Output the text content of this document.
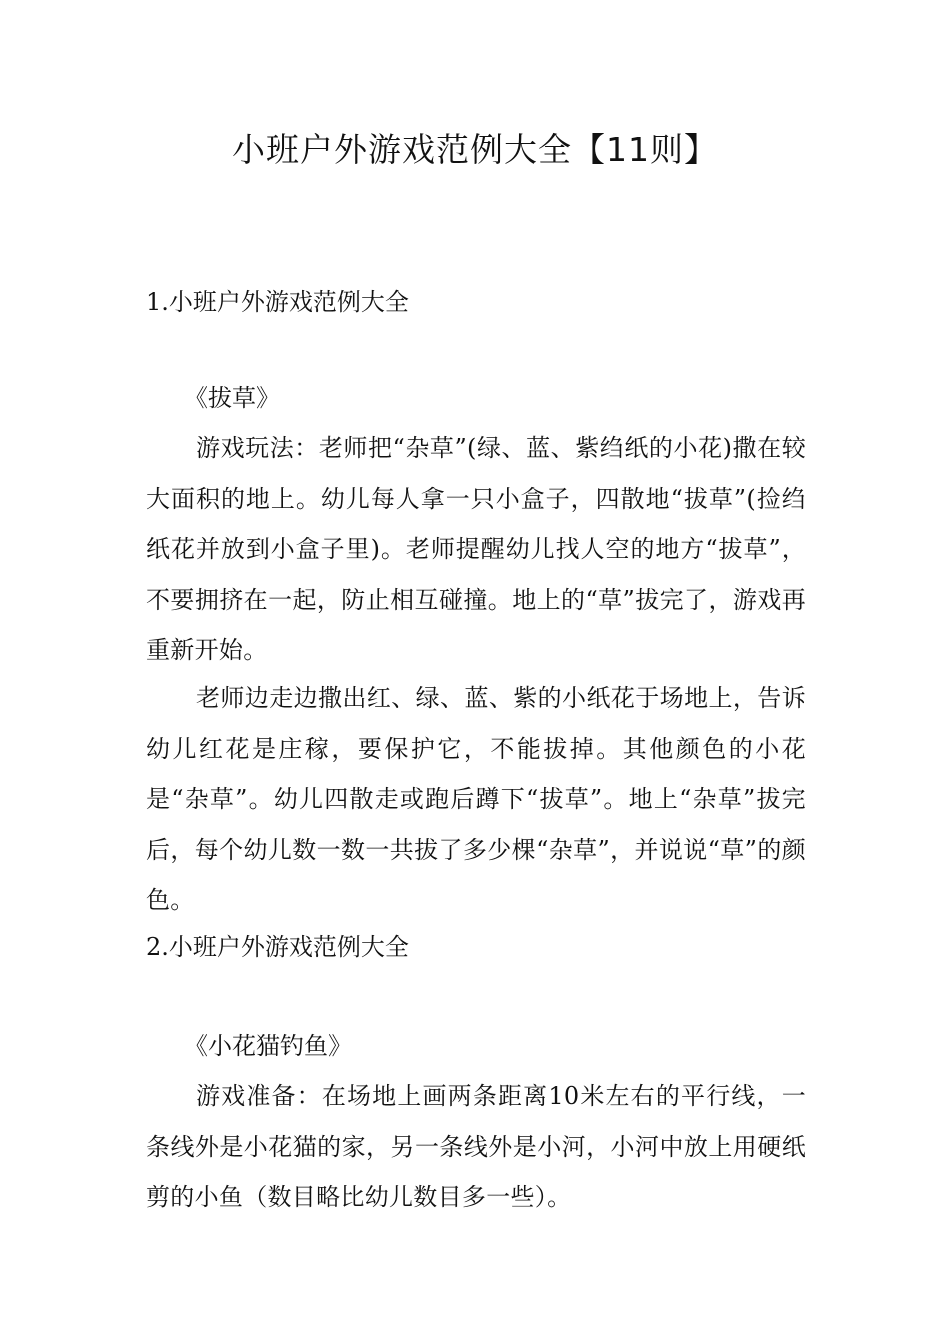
小班户外游戏范例大全【11则】
1.小班户外游戏范例大全
《拔草》
游戏玩法：老师把“杂草”(绿、蓝、紫绉纸的小花)撒在较大面积的地上。幼儿每人拿一只小盒子，四散地“拔草”(捡绉纸花并放到小盒子里)。老师提醒幼儿找人空的地方“拔草”，不要拥挤在一起，防止相互碰撞。地上的“草”拔完了，游戏再重新开始。
老师边走边撒出红、绿、蓝、紫的小纸花于场地上，告诉幼儿红花是庄稼，要保护它，不能拔掉。其他颜色的小花是“杂草”。幼儿四散走或跑后蹲下“拔草”。地上“杂草”拔完后，每个幼儿数一数一共拔了多少棵“杂草”，并说说“草”的颜色。
2.小班户外游戏范例大全
《小花猫钓鱼》
游戏准备：在场地上画两条距离10米左右的平行线，一条线外是小花猫的家，另一条线外是小河，小河中放上用硬纸剪的小鱼（数目略比幼儿数目多一些）。
